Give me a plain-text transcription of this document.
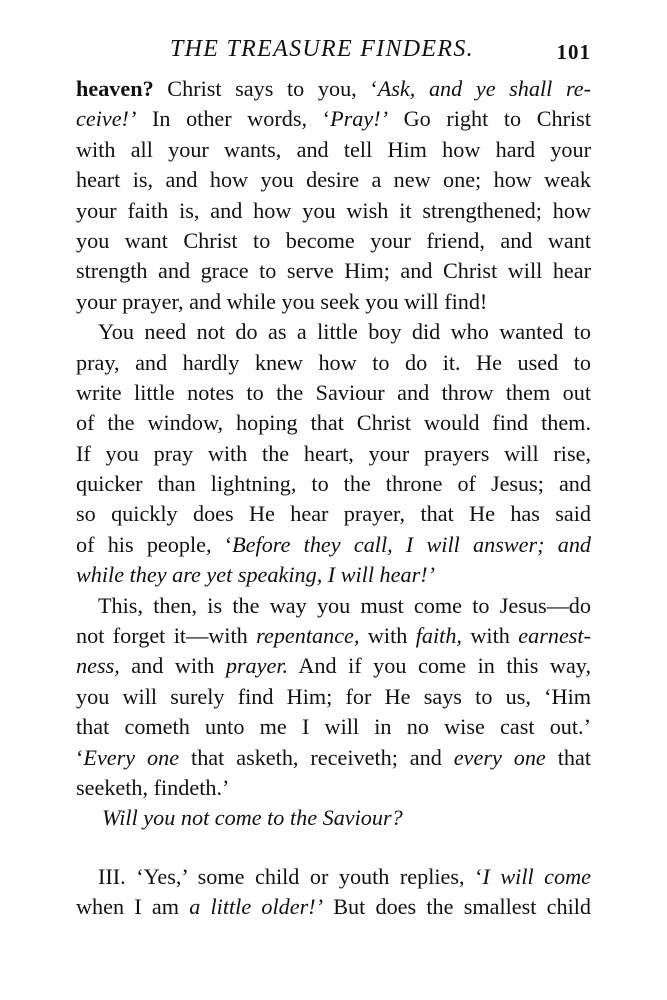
THE TREASURE FINDERS.	101
heaven? Christ says to you, ‘Ask, and ye shall re-
ceive!’ In other words, ‘Pray!’ Go right to Christ
with all your wants, and tell Him how hard your
heart is, and how you desire a new one; how weak
your faith is, and how you wish it strengthened; how
you want Christ to become your friend, and want
strength and grace to serve Him; and Christ will hear
your prayer, and while you seek you will find!
You need not do as a little boy did who wanted to
pray, and hardly knew how to do it. He used to
write little notes to the Saviour and throw them out
of the window, hoping that Christ would find them.
If you pray with the heart, your prayers will rise,
quicker than lightning, to the throne of Jesus; and
so quickly does He hear prayer, that He has said
of his people, ‘Before they call, I will answer; and
while they are yet speaking, I will hear!’
This, then, is the way you must come to Jesus—do
not forget it—with repentance, with faith, with earnest-
ness, and with prayer. And if you come in this way,
you will surely find Him; for He says to us, ‘Him
that cometh unto me I will in no wise cast out.’
‘Every one that asketh, receiveth; and every one that
seeketh, findeth.’
Will you not come to the Saviour?
III. ‘Yes,’ some child or youth replies, ‘I will come
when I am a little older!’ But does the smallest child
